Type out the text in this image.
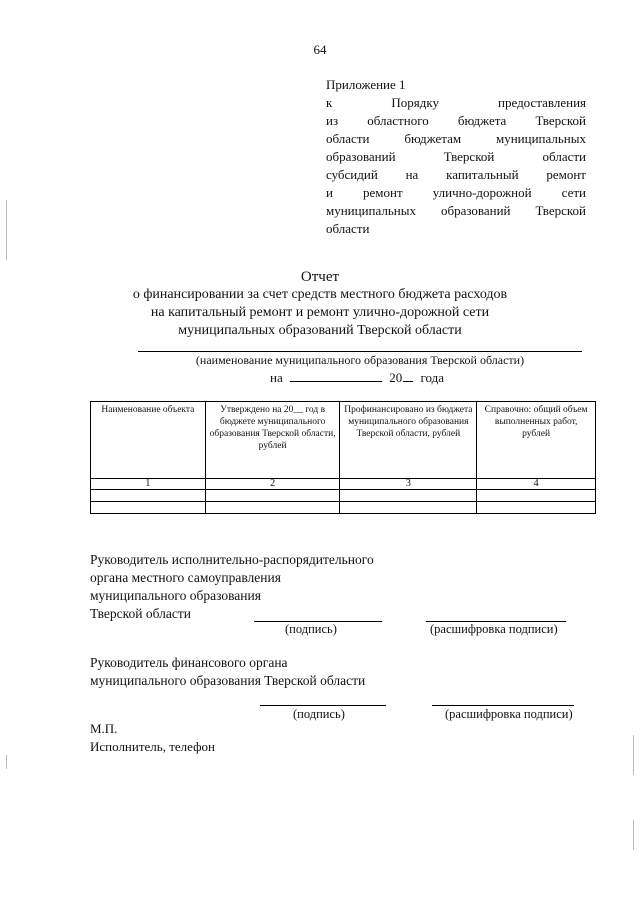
64
Приложение 1
к Порядку предоставления
из областного бюджета Тверской
области бюджетам муниципальных
образований Тверской области
субсидий на капитальный ремонт
и ремонт улично-дорожной сети
муниципальных образований Тверской
области
Отчет
о финансировании за счет средств местного бюджета расходов
на капитальный ремонт и ремонт улично-дорожной сети
муниципальных образований Тверской области
(наименование муниципального образования Тверской области)
на	20 года
Наименование объекта	Утверждено на 20__ год в бюджете муниципального образования Тверской области, рублей	Профинансировано из бюджета муниципального образования Тверской области, рублей	Справочно: общий объем выполненных работ, рублей
1	2	3	4

Руководитель исполнительно-распорядительного
органа местного самоуправления
муниципального образования
Тверской области
(подпись)	(расшифровка подписи)
Руководитель финансового органа
муниципального образования Тверской области
(подпись)	(расшифровка подписи)
М.П.
Исполнитель, телефон
